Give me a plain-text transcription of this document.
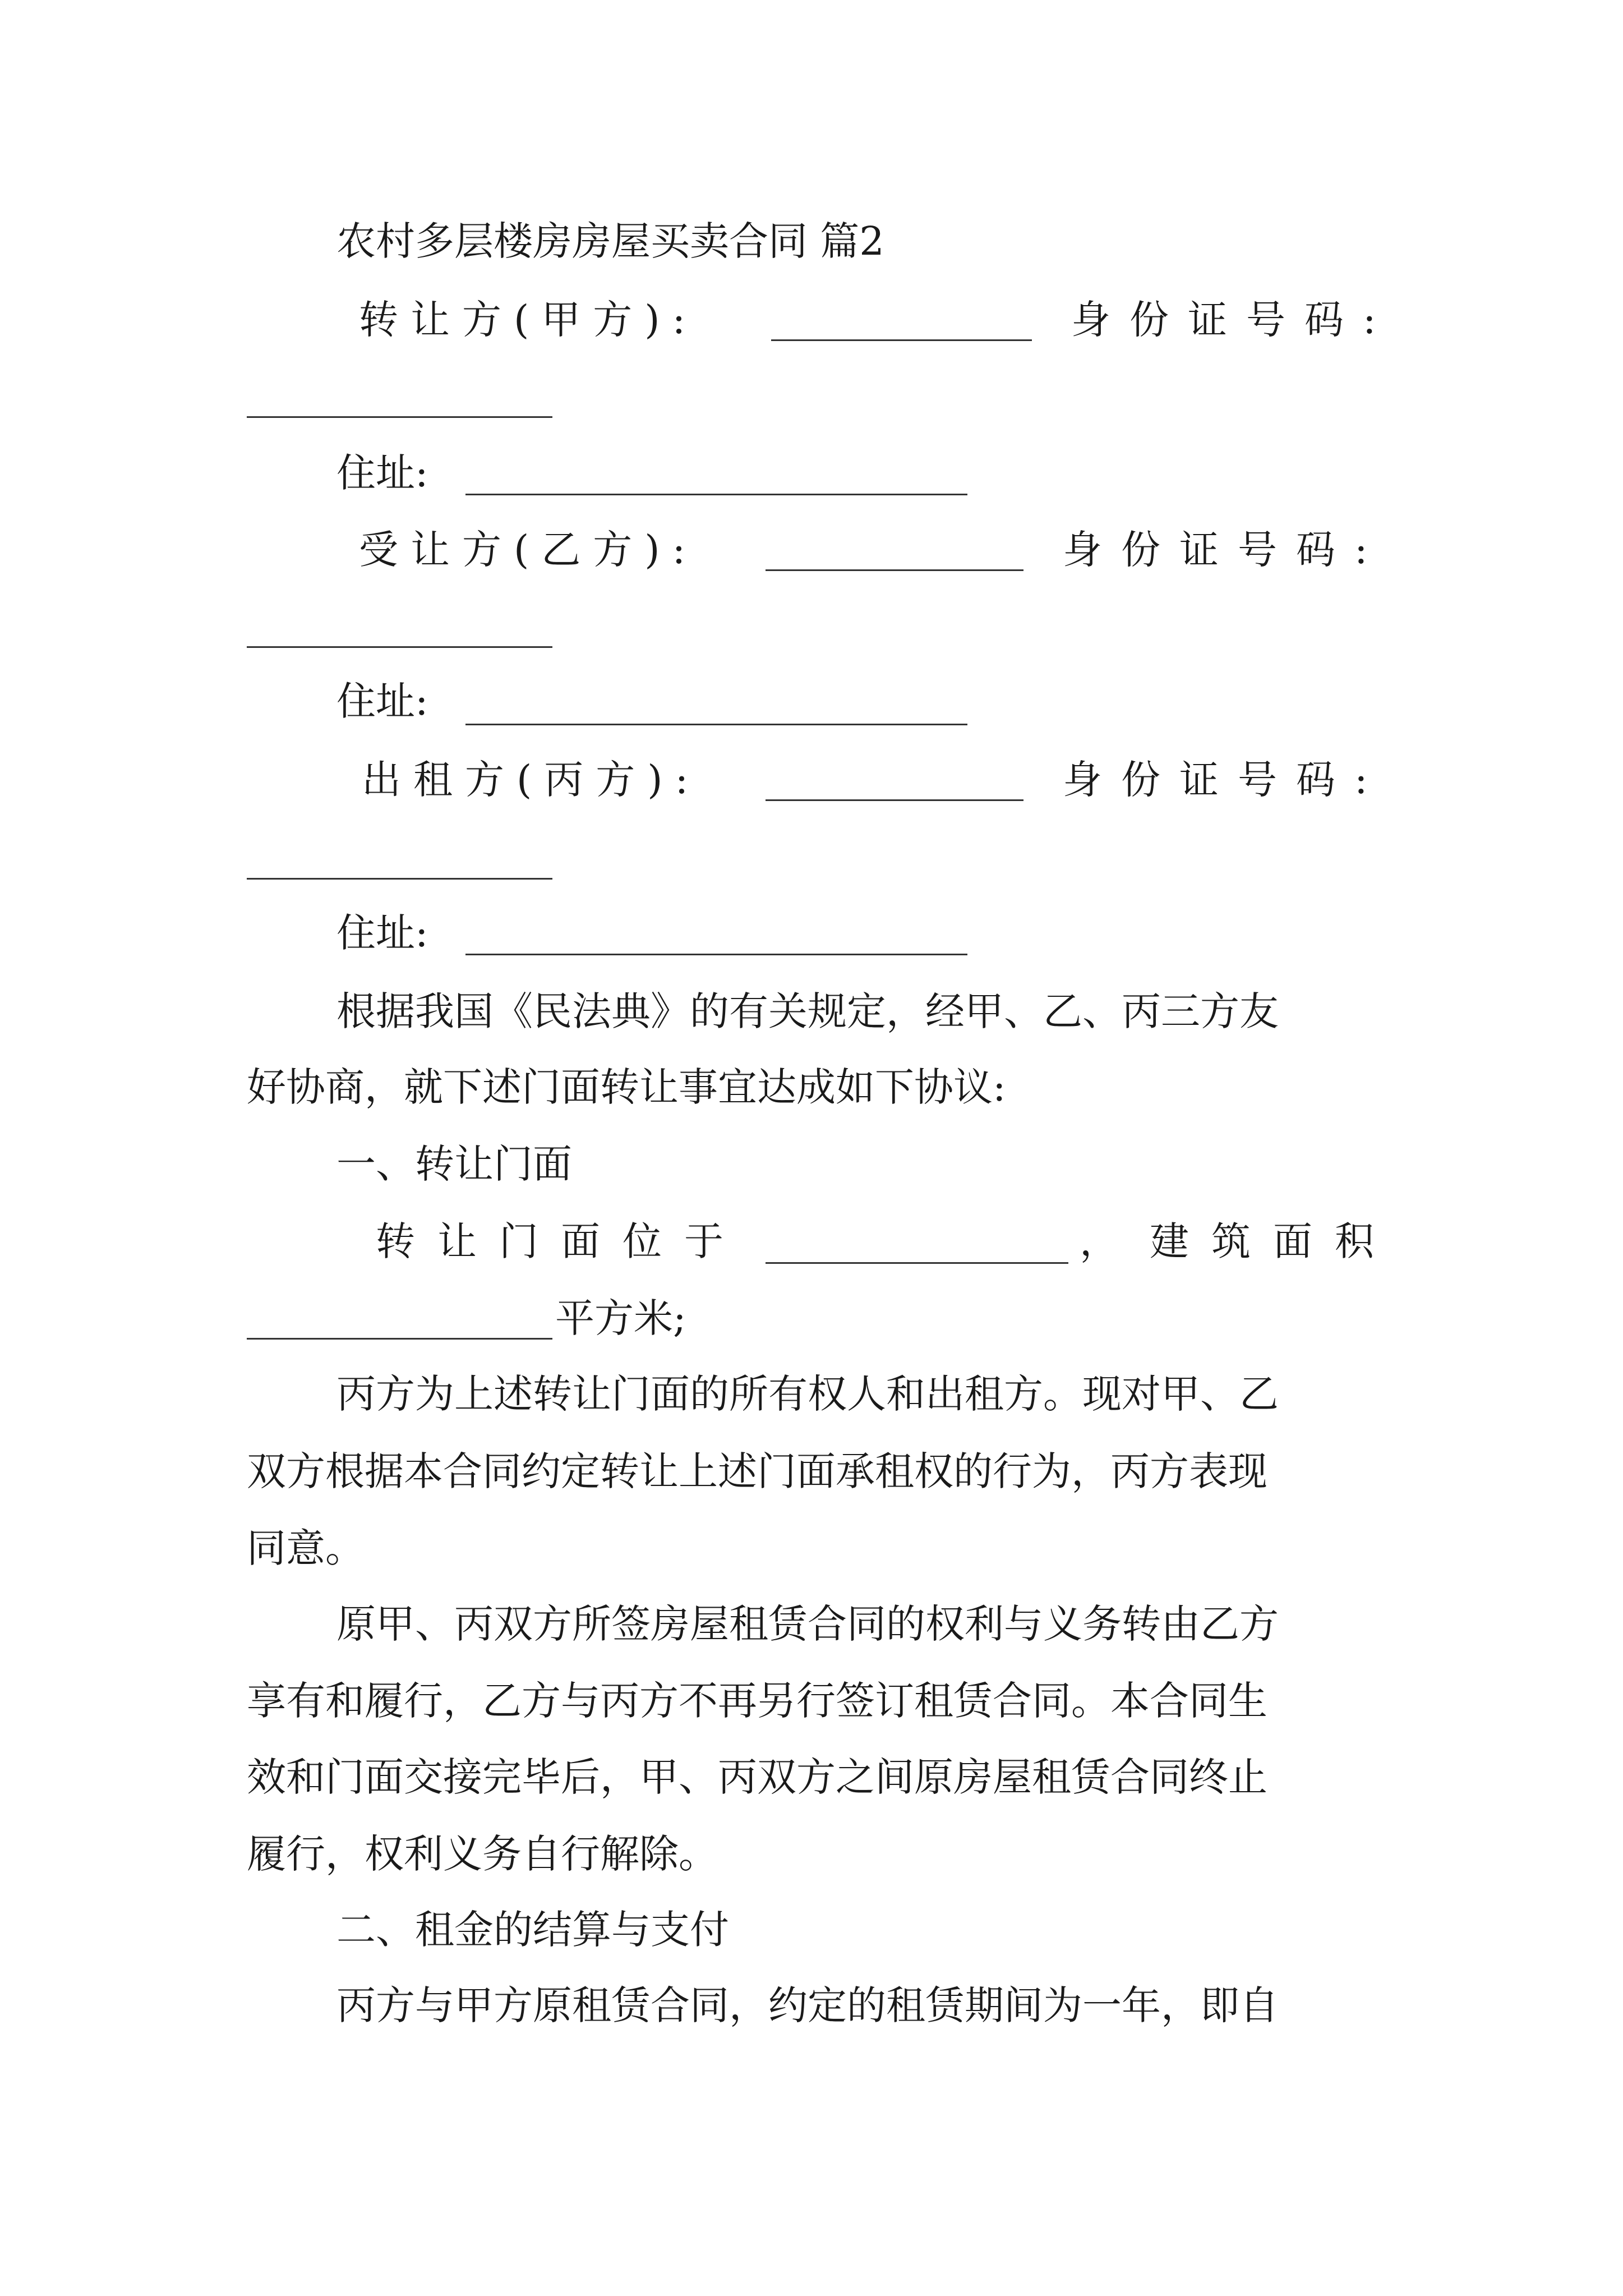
农村多层楼房房屋买卖合同 篇2
转让方(甲方):	身份证号码:
住址:
受让方(乙方):	身份证号码:
住址:
出租方(丙方):	身份证号码:
住址:
根据我国《民法典》的有关规定，经甲、乙、丙三方友
好协商，就下述门面转让事宜达成如下协议:
一、转让门面
转让门面位于	， 建筑面积
平方米;
丙方为上述转让门面的所有权人和出租方。现对甲、乙
双方根据本合同约定转让上述门面承租权的行为，丙方表现
同意。
原甲、丙双方所签房屋租赁合同的权利与义务转由乙方
享有和履行，乙方与丙方不再另行签订租赁合同。本合同生
效和门面交接完毕后，甲、丙双方之间原房屋租赁合同终止
履行，权利义务自行解除。
二、租金的结算与支付
丙方与甲方原租赁合同，约定的租赁期间为一年，即自
